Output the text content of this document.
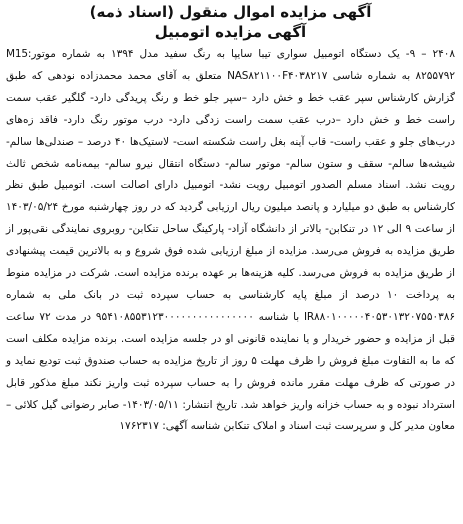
آگهی مزایده اموال منقول (اسناد ذمه)
آگهی مزایده اتومبیل

۲۴۰۸ – ۹- یک دستگاه اتومبیل سواری تیبا سایپا به رنگ سفید مدل ۱۳۹۴ به شماره موتور:M15 ۸۲۵۵۷۹۲ به شماره شاسی NAS۸۲۱۱۰۰F۴۰۳۸۲۱۷ متعلق به آقای محمد محمدزاده نودهی که طبق گزارش کارشناس سپر عقب خط و خش دارد –سپر جلو خط و رنگ پریدگی دارد- گلگیر عقب سمت راست خط و خش دارد –درب عقب سمت راست زدگی دارد- درب موتور رنگ دارد- فاقد زه‌های درب‌های جلو و عقب راست- قاب آینه بغل راست شکسته است- لاستیک‌ها ۴۰ درصد – صندلی‌ها سالم- شیشه‌ها سالم- سقف و ستون سالم- موتور سالم- دستگاه انتقال نیرو سالم- بیمه‌نامه شخص ثالث رویت نشد. اسناد مسلم الصدور اتومبیل رویت نشد- اتومبیل دارای اصالت است. اتومبیل طبق نظر کارشناس به طبق دو میلیارد و پانصد میلیون ریال ارزیابی گردید که در روز چهارشنبه مورخ ۱۴۰۳/۰۵/۲۴ از ساعت ۹ الی ۱۲ در تنکابن- بالاتر از دانشگاه آزاد- پارکینگ ساحل تنکابن- روبروی نمایندگی نقی‌پور از طریق مزایده به فروش می‌رسد. مزایده از مبلغ ارزیابی شده فوق شروع و به بالاترین قیمت پیشنهادی از طریق مزایده به فروش می‌رسد. کلیه هزینه‌ها بر عهده برنده مزایده است. شرکت در مزایده منوط به پرداخت ۱۰ درصد از مبلغ پایه کارشناسی به حساب سپرده ثبت در بانک ملی به شماره IR۸۸۰۱۰۰۰۰۰۴۰۵۳۰۱۳۲۰۷۵۵۰۳۸۶ با شناسه ۹۵۴۱۰۸۵۵۳۱۲۳۰۰۰۰۰۰۰۰۰۰۰۰۰۰۰۰ در مدت ۷۲ ساعت قبل از مزایده و حضور خریدار و یا نماینده قانونی او در جلسه مزایده است. برنده مزایده مکلف است که ما به التفاوت مبلغ فروش را ظرف مهلت ۵ روز از تاریخ مزایده به حساب صندوق ثبت تودیع نماید و در صورتی که ظرف مهلت مقرر مانده فروش را به حساب سپرده ثبت واریز نکند مبلغ مذکور قابل استرداد نبوده و به حساب خزانه واریز خواهد شد. تاریخ انتشار: ۱۴۰۳/۰۵/۱۱- صابر رضوانی گیل کلائی – معاون مدیر کل و سرپرست ثبت اسناد و املاک تنکابن شناسه آگهی: ۱۷۶۲۳۱۷
